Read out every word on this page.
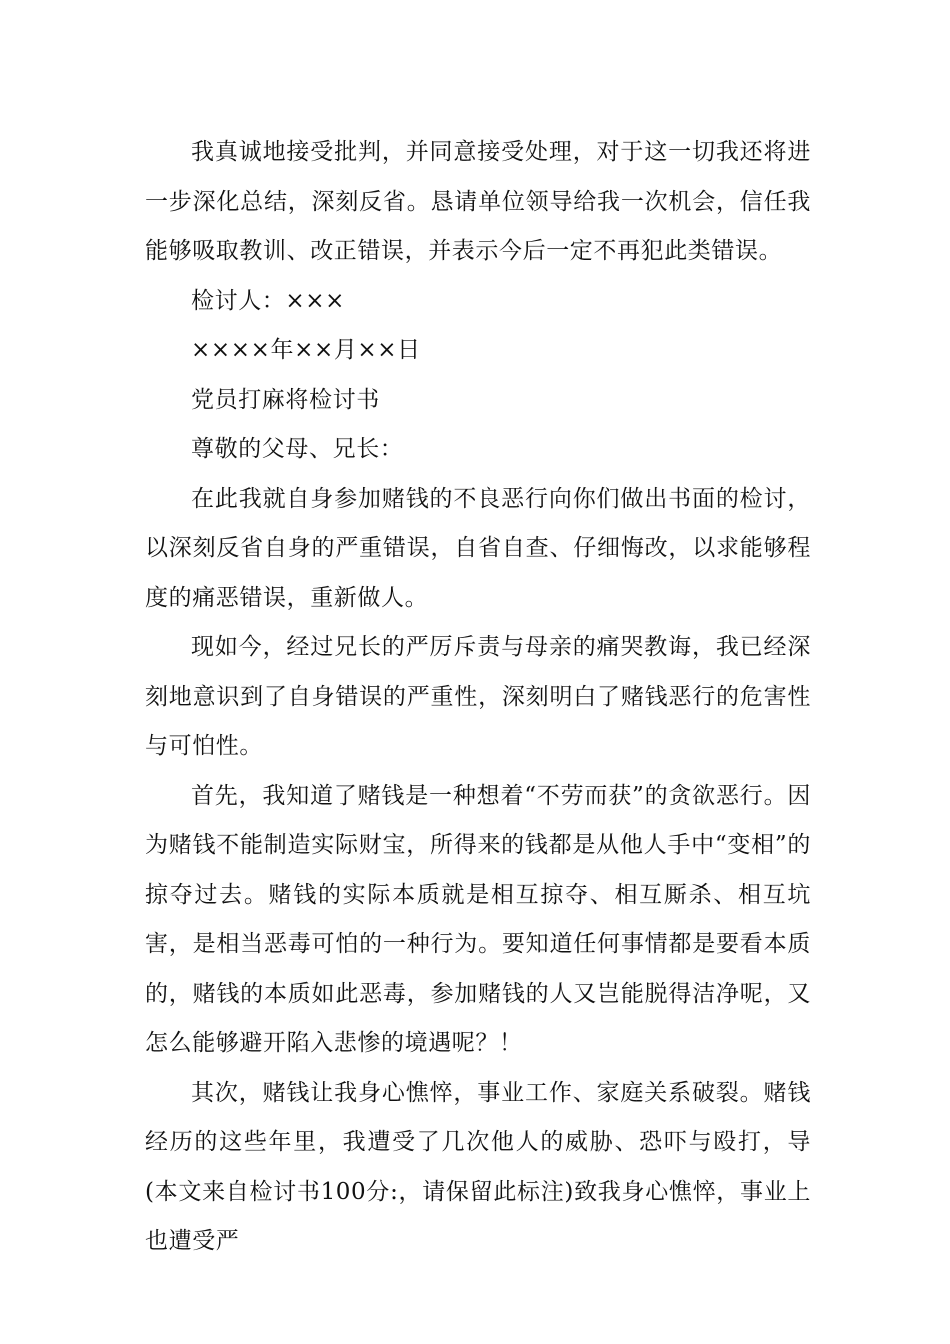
我真诚地接受批判，并同意接受处理，对于这一切我还将进一步深化总结，深刻反省。恳请单位领导给我一次机会，信任我能够吸取教训、改正错误，并表示今后一定不再犯此类错误。

检讨人：×××

××××年××月××日

党员打麻将检讨书

尊敬的父母、兄长：

在此我就自身参加赌钱的不良恶行向你们做出书面的检讨，以深刻反省自身的严重错误，自省自查、仔细悔改，以求能够程度的痛恶错误，重新做人。

现如今，经过兄长的严厉斥责与母亲的痛哭教诲，我已经深刻地意识到了自身错误的严重性，深刻明白了赌钱恶行的危害性与可怕性。

首先，我知道了赌钱是一种想着“不劳而获”的贪欲恶行。因为赌钱不能制造实际财宝，所得来的钱都是从他人手中“变相”的掠夺过去。赌钱的实际本质就是相互掠夺、相互厮杀、相互坑害，是相当恶毒可怕的一种行为。要知道任何事情都是要看本质的，赌钱的本质如此恶毒，参加赌钱的人又岂能脱得洁净呢，又怎么能够避开陷入悲惨的境遇呢？！

其次，赌钱让我身心憔悴，事业工作、家庭关系破裂。赌钱经历的这些年里，我遭受了几次他人的威胁、恐吓与殴打，导(本文来自检讨书100分:，请保留此标注)致我身心憔悴，事业上也遭受严
